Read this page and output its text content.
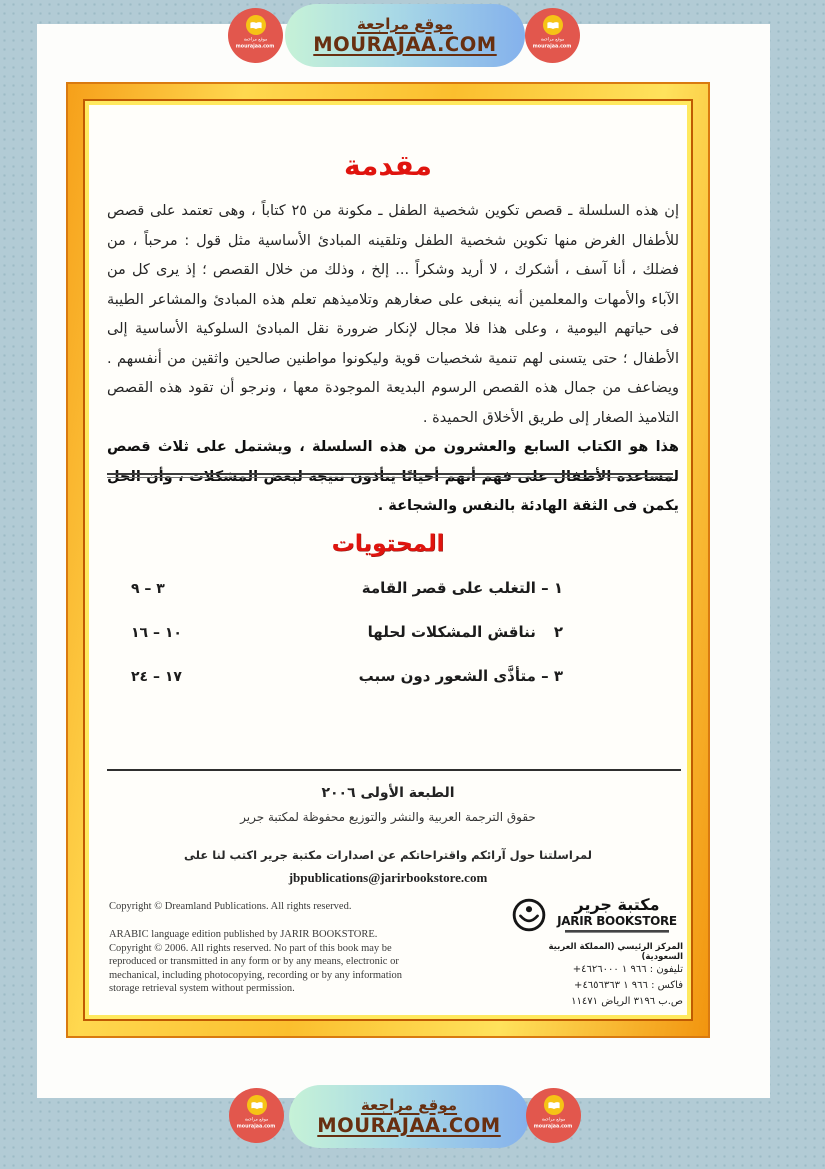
مقدمة

إن هذه السلسلة ـ قصص تكوين شخصية الطفل ـ مكونة من ٢٥ كتاباً ، وهى تعتمد على قصص للأطفال الغرض منها تكوين شخصية الطفل وتلقينه المبادئ الأساسية مثل قول : مرحباً ، من فضلك ، أنا آسف ، أشكرك ، لا أريد وشكراً ... إلخ ، وذلك من خلال القصص ؛ إذ يرى كل من الآباء والأمهات والمعلمين أنه ينبغى على صغارهم وتلاميذهم تعلم هذه المبادئ والمشاعر الطيبة فى حياتهم اليومية ، وعلى هذا فلا مجال لإنكار ضرورة نقل المبادئ السلوكية الأساسية إلى الأطفال ؛ حتى يتسنى لهم تنمية شخصيات قوية وليكونوا مواطنين صالحين واثقين من أنفسهم . ويضاعف من جمال هذه القصص الرسوم البديعة الموجودة معها ، ونرجو أن تقود هذه القصص التلاميذ الصغار إلى طريق الأخلاق الحميدة .

هذا هو الكتاب السابع والعشرون من هذه السلسلة ، ويشتمل على ثلاث قصص لمساعدة الأطفال على فهم أنهم أحيانًا يتأذون نتيجة لبعض المشكلات ، وأن الحل يكمن فى الثقة الهادئة بالنفس والشجاعة .

المحتويات
١ – التغلب على قصر القامة
٣ – ٩
٢   نناقش المشكلات لحلها
١٠ – ١٦
٣ – متأذَّى الشعور دون سبب
١٧ – ٢٤
الطبعة الأولى ٢٠٠٦
حقوق الترجمة العربية والنشر والتوزيع محفوظة لمكتبة جرير
لمراسلتنا حول آرائكم واقتراحاتكم عن اصدارات مكتبة جرير اكتب لنا على
jbpublications@jarirbookstore.com
Copyright © Dreamland Publications. All rights reserved.
ARABIC language edition published by JARIR BOOKSTORE. Copyright © 2006. All rights reserved. No part of this book may be reproduced or transmitted in any form or by any means, electronic or mechanical, including photocopying, recording or by any information storage retrieval system without permission.
مكتبة جرير
JARIR BOOKSTORE
المركز الرئيسي (المملكة العربية السعودية)
تليفون : +٩٦٦ ١ ٤٦٢٦٠٠٠
فاكس : +٩٦٦ ١ ٤٦٥٦٣٦٣
ص.ب ٣١٩٦ الرياض ١١٤٧١
موقع مراجعة
MOURAJAA.COM
موقع مراجعة
MOURAJAA.COM
موقع مراجعة
mourajaa.com
موقع مراجعة
mourajaa.com
موقع مراجعة
mourajaa.com
موقع مراجعة
mourajaa.com
